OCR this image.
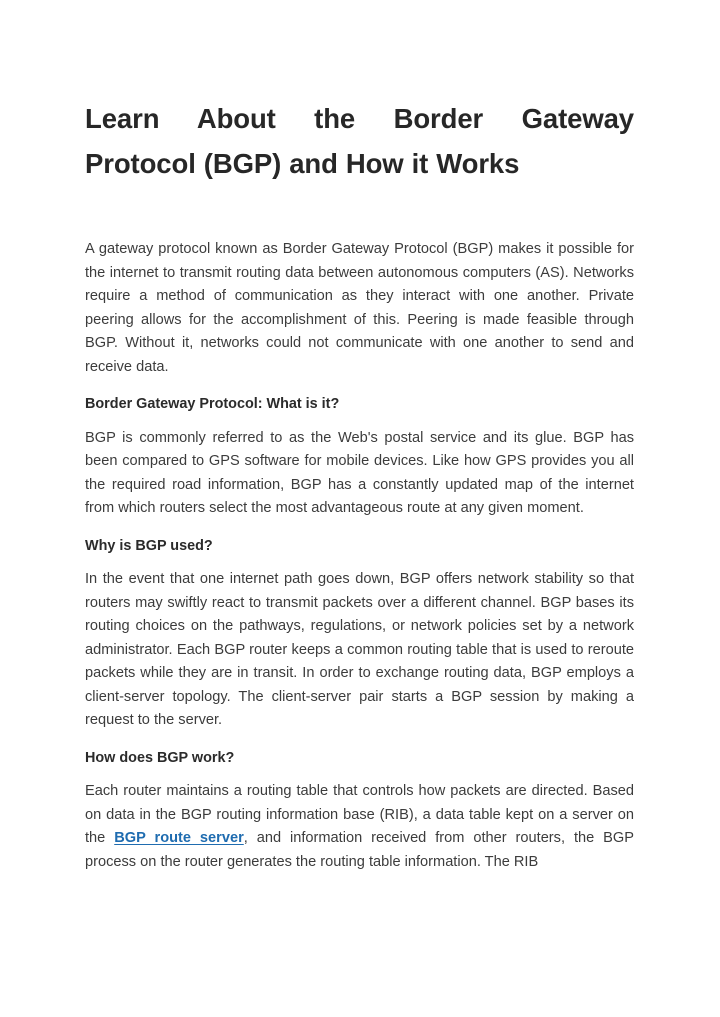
Learn About the Border Gateway
Protocol (BGP) and How it Works

A gateway protocol known as Border Gateway Protocol (BGP) makes it possible for the internet to transmit routing data between autonomous computers (AS). Networks require a method of communication as they interact with one another. Private peering allows for the accomplishment of this. Peering is made feasible through BGP. Without it, networks could not communicate with one another to send and receive data.

Border Gateway Protocol: What is it?

BGP is commonly referred to as the Web's postal service and its glue. BGP has been compared to GPS software for mobile devices. Like how GPS provides you all the required road information, BGP has a constantly updated map of the internet from which routers select the most advantageous route at any given moment.

Why is BGP used?

In the event that one internet path goes down, BGP offers network stability so that routers may swiftly react to transmit packets over a different channel. BGP bases its routing choices on the pathways, regulations, or network policies set by a network administrator. Each BGP router keeps a common routing table that is used to reroute packets while they are in transit. In order to exchange routing data, BGP employs a client-server topology. The client-server pair starts a BGP session by making a request to the server.

How does BGP work?

Each router maintains a routing table that controls how packets are directed. Based on data in the BGP routing information base (RIB), a data table kept on a server on the BGP route server, and information received from other routers, the BGP process on the router generates the routing table information. The RIB
